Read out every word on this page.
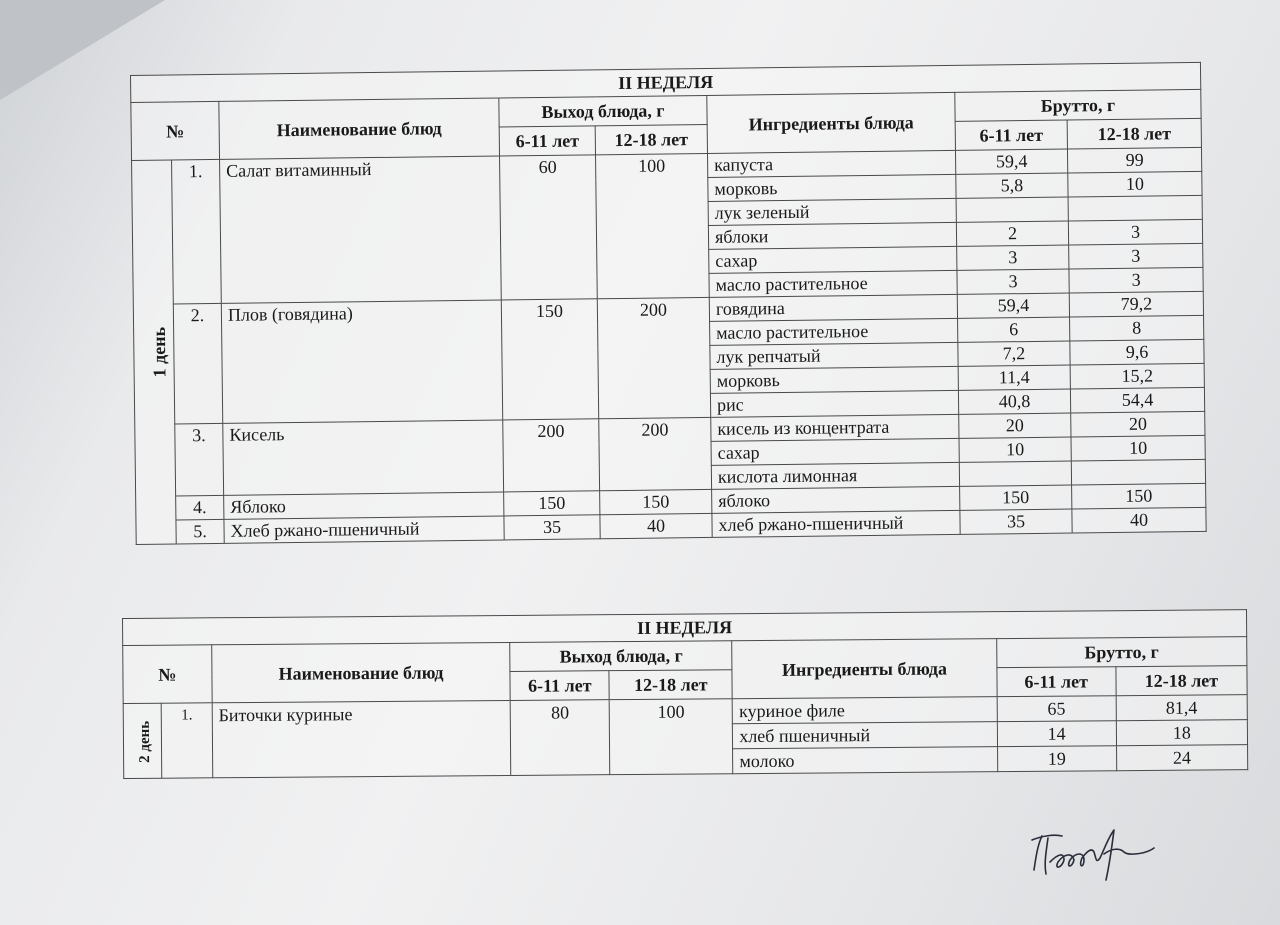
II НЕДЕЛЯ							
№		Наименование блюд	Выход блюда, г		Ингредиенты блюда	Брутто, г	
			6-11 лет	12-18 лет		6-11 лет	12-18 лет
1 день	1.	Салат витаминный	60	100	капуста	59,4	99
					морковь	5,8	10
					лук зеленый		
					яблоки	2	3
					сахар	3	3
					масло растительное	3	3
	2.	Плов (говядина)	150	200	говядина	59,4	79,2
					масло растительное	6	8
					лук репчатый	7,2	9,6
					морковь	11,4	15,2
					рис	40,8	54,4
	3.	Кисель	200	200	кисель из концентрата	20	20
					сахар	10	10
					кислота лимонная		
	4.	Яблоко	150	150	яблоко	150	150
	5.	Хлеб ржано-пшеничный	35	40	хлеб ржано-пшеничный	35	40
II НЕДЕЛЯ							
№		Наименование блюд	Выход блюда, г		Ингредиенты блюда	Брутто, г	
			6-11 лет	12-18 лет		6-11 лет	12-18 лет
2 день	1.	Биточки куриные	80	100	куриное филе	65	81,4
					хлеб пшеничный	14	18
					молоко	19	24
